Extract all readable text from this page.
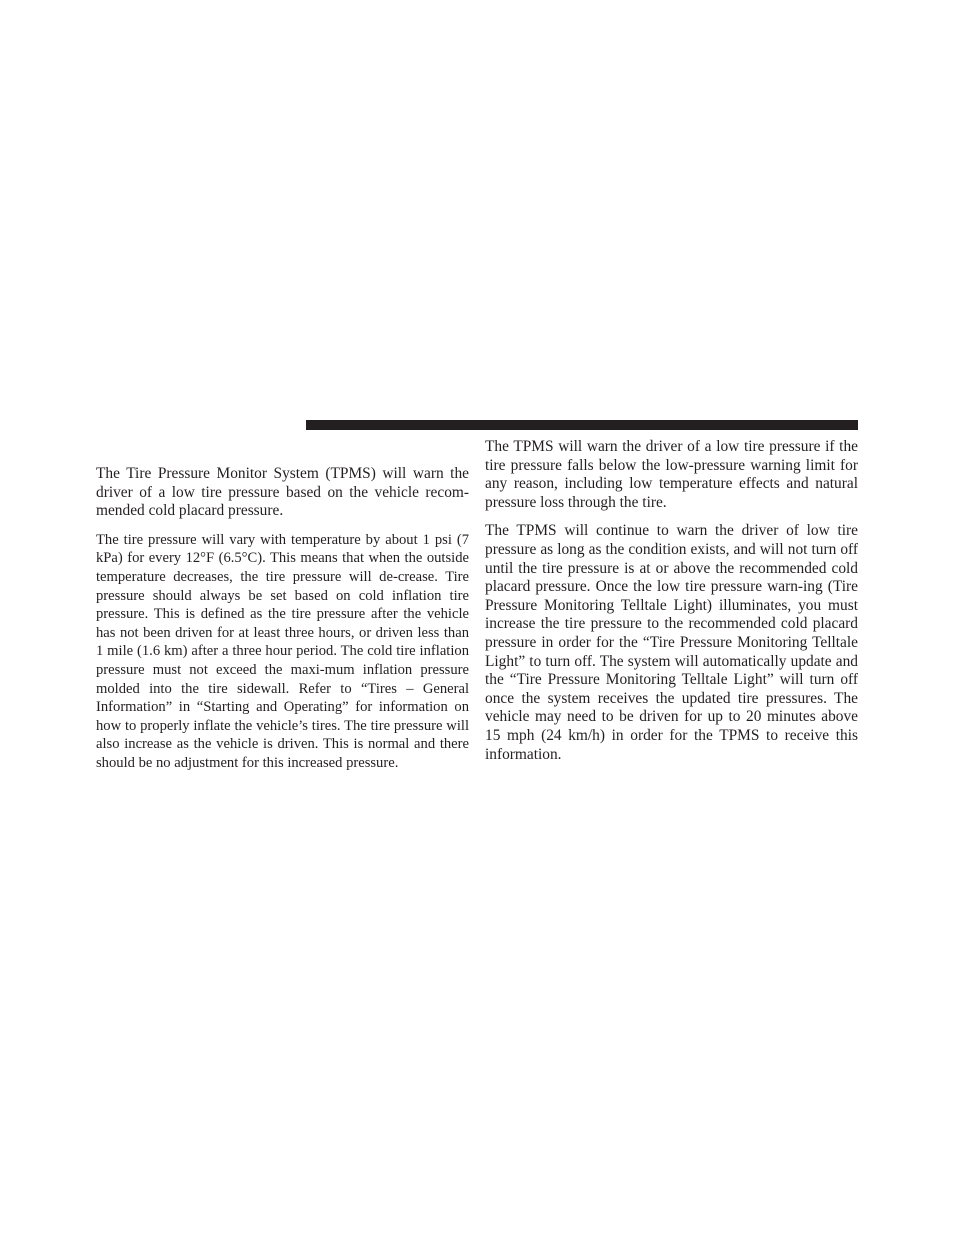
The Tire Pressure Monitor System (TPMS) will warn the driver of a low tire pressure based on the vehicle recom-mended cold placard pressure.

The tire pressure will vary with temperature by about 1 psi (7 kPa) for every 12°F (6.5°C). This means that when the outside temperature decreases, the tire pressure will de-crease. Tire pressure should always be set based on cold inflation tire pressure. This is defined as the tire pressure after the vehicle has not been driven for at least three hours, or driven less than 1 mile (1.6 km) after a three hour period. The cold tire inflation pressure must not exceed the maxi-mum inflation pressure molded into the tire sidewall. Refer to “Tires – General Information” in “Starting and Operating” for information on how to properly inflate the vehicle’s tires. The tire pressure will also increase as the vehicle is driven. This is normal and there should be no adjustment for this increased pressure.

The TPMS will warn the driver of a low tire pressure if the tire pressure falls below the low-pressure warning limit for any reason, including low temperature effects and natural pressure loss through the tire.

The TPMS will continue to warn the driver of low tire pressure as long as the condition exists, and will not turn off until the tire pressure is at or above the recommended cold placard pressure. Once the low tire pressure warn-ing (Tire Pressure Monitoring Telltale Light) illuminates, you must increase the tire pressure to the recommended cold placard pressure in order for the “Tire Pressure Monitoring Telltale Light” to turn off. The system will automatically update and the “Tire Pressure Monitoring Telltale Light” will turn off once the system receives the updated tire pressures. The vehicle may need to be driven for up to 20 minutes above 15 mph (24 km/h) in order for the TPMS to receive this information.
